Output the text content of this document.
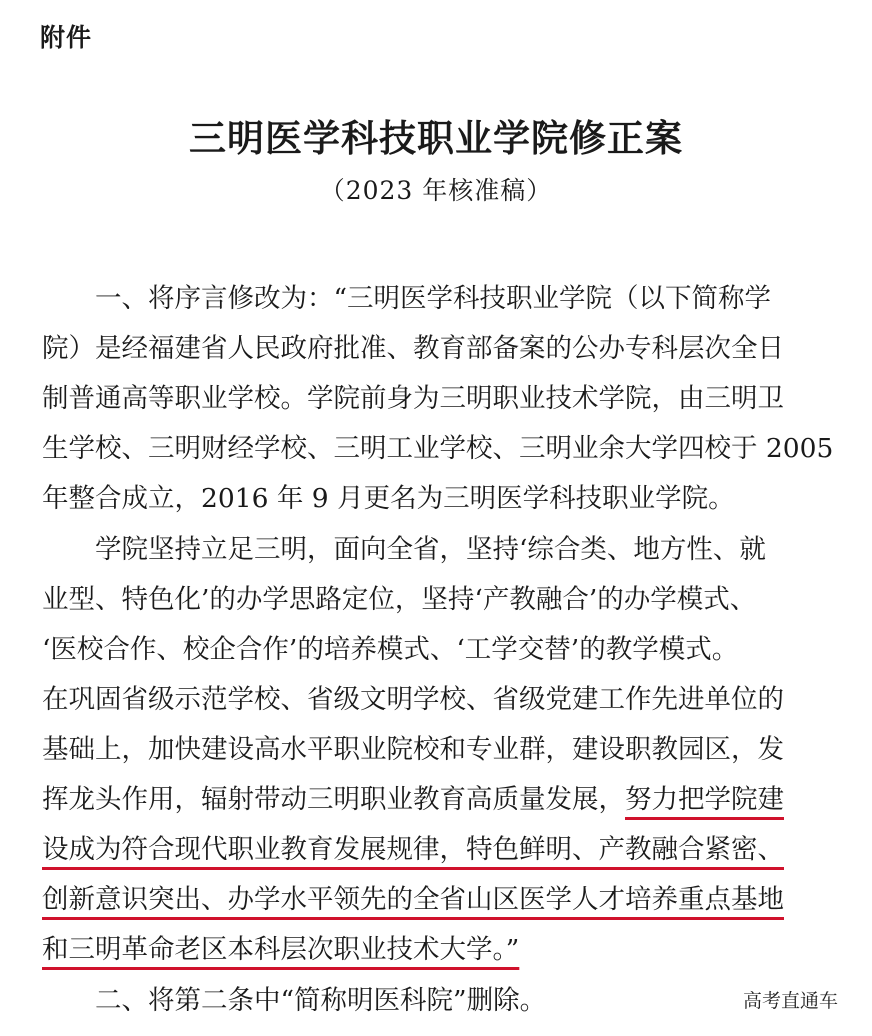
附件
三明医学科技职业学院修正案
（2023 年核准稿）
　　一、将序言修改为：“三明医学科技职业学院（以下简称学
院）是经福建省人民政府批准、教育部备案的公办专科层次全日
制普通高等职业学校。学院前身为三明职业技术学院，由三明卫
生学校、三明财经学校、三明工业学校、三明业余大学四校于 2005
年整合成立，2016 年 9 月更名为三明医学科技职业学院。
　　学院坚持立足三明，面向全省，坚持‘综合类、地方性、就
业型、特色化’的办学思路定位，坚持‘产教融合’的办学模式、
‘医校合作、校企合作’的培养模式、‘工学交替’的教学模式。
在巩固省级示范学校、省级文明学校、省级党建工作先进单位的
基础上，加快建设高水平职业院校和专业群，建设职教园区，发
挥龙头作用，辐射带动三明职业教育高质量发展，努力把学院建
设成为符合现代职业教育发展规律，特色鲜明、产教融合紧密、
创新意识突出、办学水平领先的全省山区医学人才培养重点基地
和三明革命老区本科层次职业技术大学。”
　　二、将第二条中“简称明医科院”删除。	高考直通车
